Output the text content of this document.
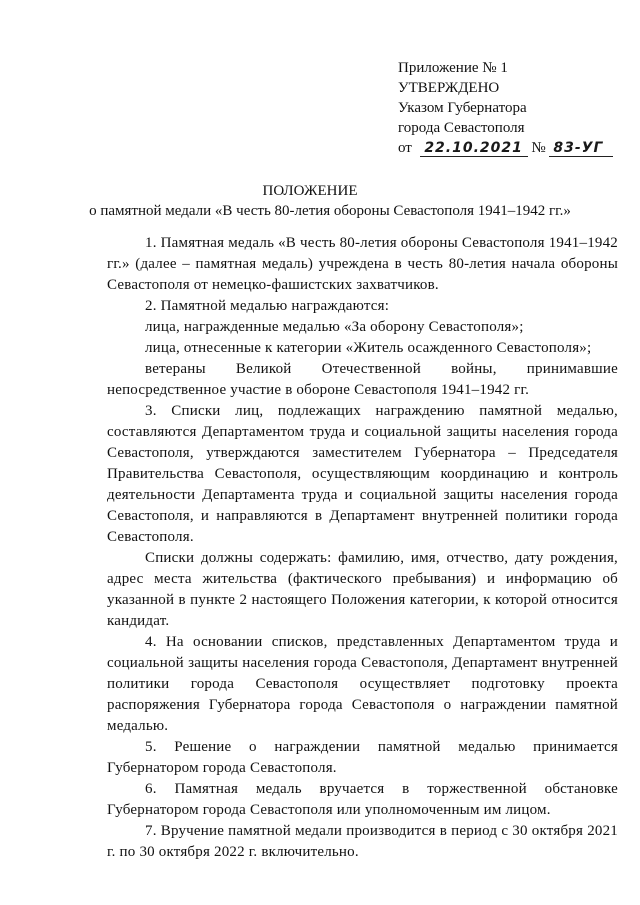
Приложение № 1
УТВЕРЖДЕНО
Указом Губернатора
города Севастополя
от 22.10.2021 № 83-УГ
ПОЛОЖЕНИЕ
о памятной медали «В честь 80-летия обороны Севастополя 1941–1942 гг.»

1. Памятная медаль «В честь 80-летия обороны Севастополя 1941–1942 гг.» (далее – памятная медаль) учреждена в честь 80-летия начала обороны Севастополя от немецко-фашистских захватчиков.

2. Памятной медалью награждаются:

лица, награжденные медалью «За оборону Севастополя»;

лица, отнесенные к категории «Житель осажденного Севастополя»;

ветераны Великой Отечественной войны, принимавшие непосредственное участие в обороне Севастополя 1941–1942 гг.

3. Списки лиц, подлежащих награждению памятной медалью, составляются Департаментом труда и социальной защиты населения города Севастополя, утверждаются заместителем Губернатора – Председателя Правительства Севастополя, осуществляющим координацию и контроль деятельности Департамента труда и социальной защиты населения города Севастополя, и направляются в Департамент внутренней политики города Севастополя.

Списки должны содержать: фамилию, имя, отчество, дату рождения, адрес места жительства (фактического пребывания) и информацию об указанной в пункте 2 настоящего Положения категории, к которой относится кандидат.

4. На основании списков, представленных Департаментом труда и социальной защиты населения города Севастополя, Департамент внутренней политики города Севастополя осуществляет подготовку проекта распоряжения Губернатора города Севастополя о награждении памятной медалью.

5. Решение о награждении памятной медалью принимается Губернатором города Севастополя.

6. Памятная медаль вручается в торжественной обстановке Губернатором города Севастополя или уполномоченным им лицом.

7. Вручение памятной медали производится в период с 30 октября 2021 г. по 30 октября 2022 г. включительно.
